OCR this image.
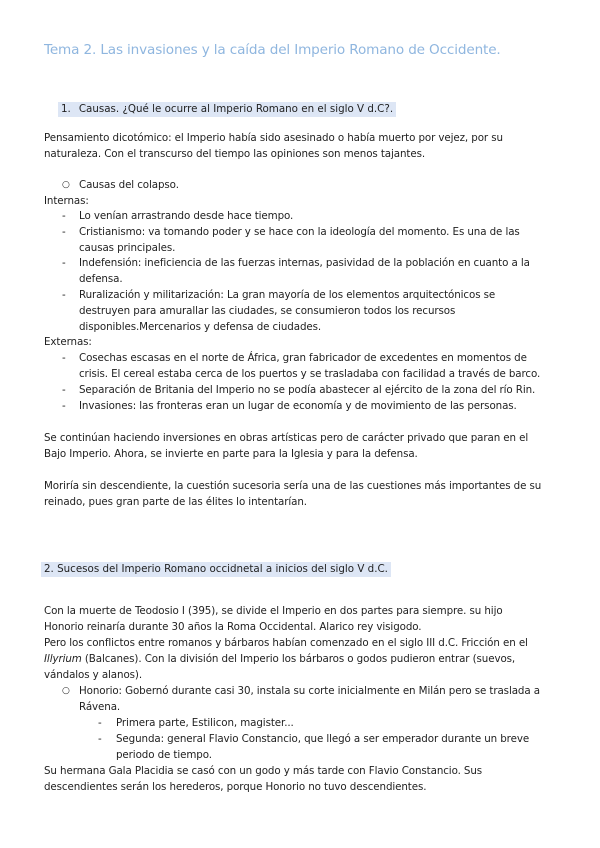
Tema 2. Las invasiones y la caída del Imperio Romano de Occidente.
1. Causas. ¿Qué le ocurre al Imperio Romano en el siglo V d.C?.
Pensamiento dicotómico: el Imperio había sido asesinado o había muerto por vejez, por su
naturaleza. Con el transcurso del tiempo las opiniones son menos tajantes.
○ Causas del colapso.
Internas:
- Lo venían arrastrando desde hace tiempo.
- Cristianismo: va tomando poder y se hace con la ideología del momento. Es una de las
causas principales.
- Indefensión: ineficiencia de las fuerzas internas, pasividad de la población en cuanto a la
defensa.
- Ruralización y militarización: La gran mayoría de los elementos arquitectónicos se
destruyen para amurallar las ciudades, se consumieron todos los recursos
disponibles.Mercenarios y defensa de ciudades.
Externas:
- Cosechas escasas en el norte de África, gran fabricador de excedentes en momentos de
crisis. El cereal estaba cerca de los puertos y se trasladaba con facilidad a través de barco.
- Separación de Britania del Imperio no se podía abastecer al ejército de la zona del río Rin.
- Invasiones: las fronteras eran un lugar de economía y de movimiento de las personas.
Se continúan haciendo inversiones en obras artísticas pero de carácter privado que paran en el
Bajo Imperio. Ahora, se invierte en parte para la Iglesia y para la defensa.
Moriría sin descendiente, la cuestión sucesoria sería una de las cuestiones más importantes de su
reinado, pues gran parte de las élites lo intentarían.
2. Sucesos del Imperio Romano occidnetal a inicios del siglo V d.C.
Con la muerte de Teodosio I (395), se divide el Imperio en dos partes para siempre. su hijo
Honorio reinaría durante 30 años la Roma Occidental. Alarico rey visigodo.
Pero los conflictos entre romanos y bárbaros habían comenzado en el siglo III d.C. Fricción en el
Illyrium (Balcanes). Con la división del Imperio los bárbaros o godos pudieron entrar (suevos,
vándalos y alanos).
○ Honorio: Gobernó durante casi 30, instala su corte inicialmente en Milán pero se traslada a
Rávena.
- Primera parte, Estilicon, magister...
- Segunda: general Flavio Constancio, que llegó a ser emperador durante un breve
periodo de tiempo.
Su hermana Gala Placidia se casó con un godo y más tarde con Flavio Constancio. Sus
descendientes serán los herederos, porque Honorio no tuvo descendientes.
